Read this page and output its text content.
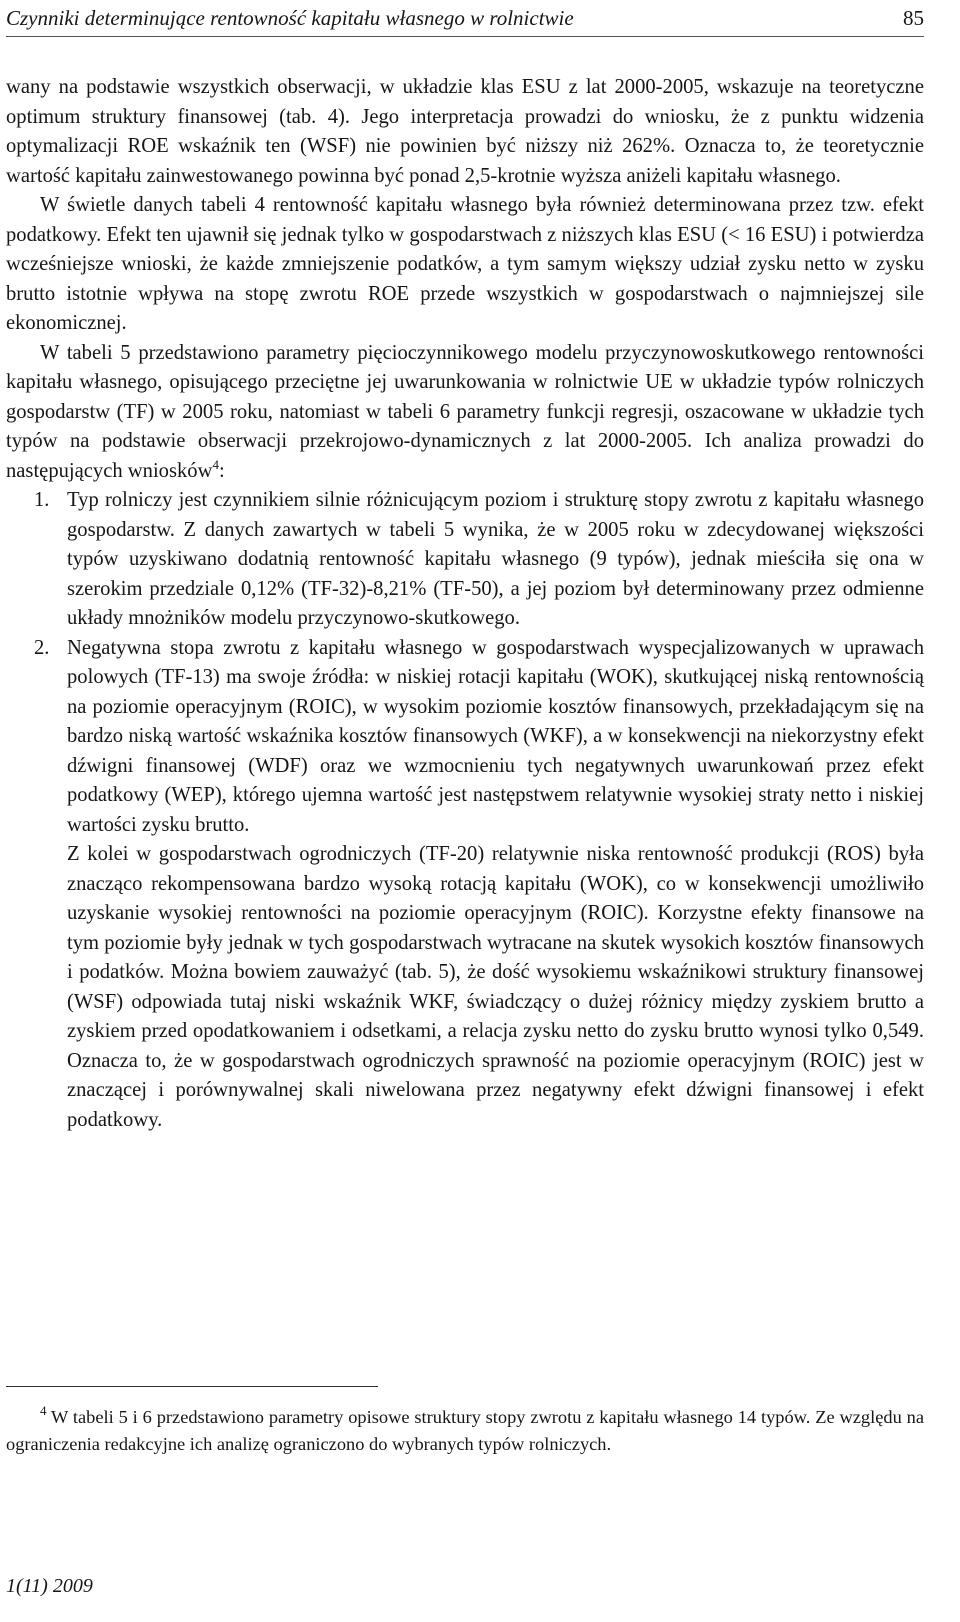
Czynniki determinujące rentowność kapitału własnego w rolnictwie	85

wany na podstawie wszystkich obserwacji, w układzie klas ESU z lat 2000-2005, wskazuje na teoretyczne optimum struktury finansowej (tab. 4). Jego interpretacja prowadzi do wniosku, że z punktu widzenia optymalizacji ROE wskaźnik ten (WSF) nie powinien być niższy niż 262%. Oznacza to, że teoretycznie wartość kapitału zainwestowanego powinna być ponad 2,5-krotnie wyższa aniżeli kapitału własnego.

W świetle danych tabeli 4 rentowność kapitału własnego była również determinowana przez tzw. efekt podatkowy. Efekt ten ujawnił się jednak tylko w gospodarstwach z niższych klas ESU (< 16 ESU) i potwierdza wcześniejsze wnioski, że każde zmniejszenie podatków, a tym samym większy udział zysku netto w zysku brutto istotnie wpływa na stopę zwrotu ROE przede wszystkich w gospodarstwach o najmniejszej sile ekonomicznej.

W tabeli 5 przedstawiono parametry pięcioczynnikowego modelu przyczynowoskutkowego rentowności kapitału własnego, opisującego przeciętne jej uwarunkowania w rolnictwie UE w układzie typów rolniczych gospodarstw (TF) w 2005 roku, natomiast w tabeli 6 parametry funkcji regresji, oszacowane w układzie tych typów na podstawie obserwacji przekrojowo-dynamicznych z lat 2000-2005. Ich analiza prowadzi do następujących wniosków$^4$:

1. Typ rolniczy jest czynnikiem silnie różnicującym poziom i strukturę stopy zwrotu z kapitału własnego gospodarstw. Z danych zawartych w tabeli 5 wynika, że w 2005 roku w zdecydowanej większości typów uzyskiwano dodatnią rentowność kapitału własnego (9 typów), jednak mieściła się ona w szerokim przedziale 0,12% (TF-32)-8,21% (TF-50), a jej poziom był determinowany przez odmienne układy mnożników modelu przyczynowo-skutkowego.

2. Negatywna stopa zwrotu z kapitału własnego w gospodarstwach wyspecjalizowanych w uprawach polowych (TF-13) ma swoje źródła: w niskiej rotacji kapitału (WOK), skutkującej niską rentownością na poziomie operacyjnym (ROIC), w wysokim poziomie kosztów finansowych, przekładającym się na bardzo niską wartość wskaźnika kosztów finansowych (WKF), a w konsekwencji na niekorzystny efekt dźwigni finansowej (WDF) oraz we wzmocnieniu tych negatywnych uwarunkowań przez efekt podatkowy (WEP), którego ujemna wartość jest następstwem relatywnie wysokiej straty netto i niskiej wartości zysku brutto.

Z kolei w gospodarstwach ogrodniczych (TF-20) relatywnie niska rentowność produkcji (ROS) była znacząco rekompensowana bardzo wysoką rotacją kapitału (WOK), co w konsekwencji umożliwiło uzyskanie wysokiej rentowności na poziomie operacyjnym (ROIC). Korzystne efekty finansowe na tym poziomie były jednak w tych gospodarstwach wytracane na skutek wysokich kosztów finansowych i podatków. Można bowiem zauważyć (tab. 5), że dość wysokiemu wskaźnikowi struktury finansowej (WSF) odpowiada tutaj niski wskaźnik WKF, świadczący o dużej różnicy między zyskiem brutto a zyskiem przed opodatkowaniem i odsetkami, a relacja zysku netto do zysku brutto wynosi tylko 0,549. Oznacza to, że w gospodarstwach ogrodniczych sprawność na poziomie operacyjnym (ROIC) jest w znaczącej i porównywalnej skali niwelowana przez negatywny efekt dźwigni finansowej i efekt podatkowy.

$^4$ W tabeli 5 i 6 przedstawiono parametry opisowe struktury stopy zwrotu z kapitału własnego 14 typów. Ze względu na ograniczenia redakcyjne ich analizę ograniczono do wybranych typów rolniczych.

1(11) 2009
